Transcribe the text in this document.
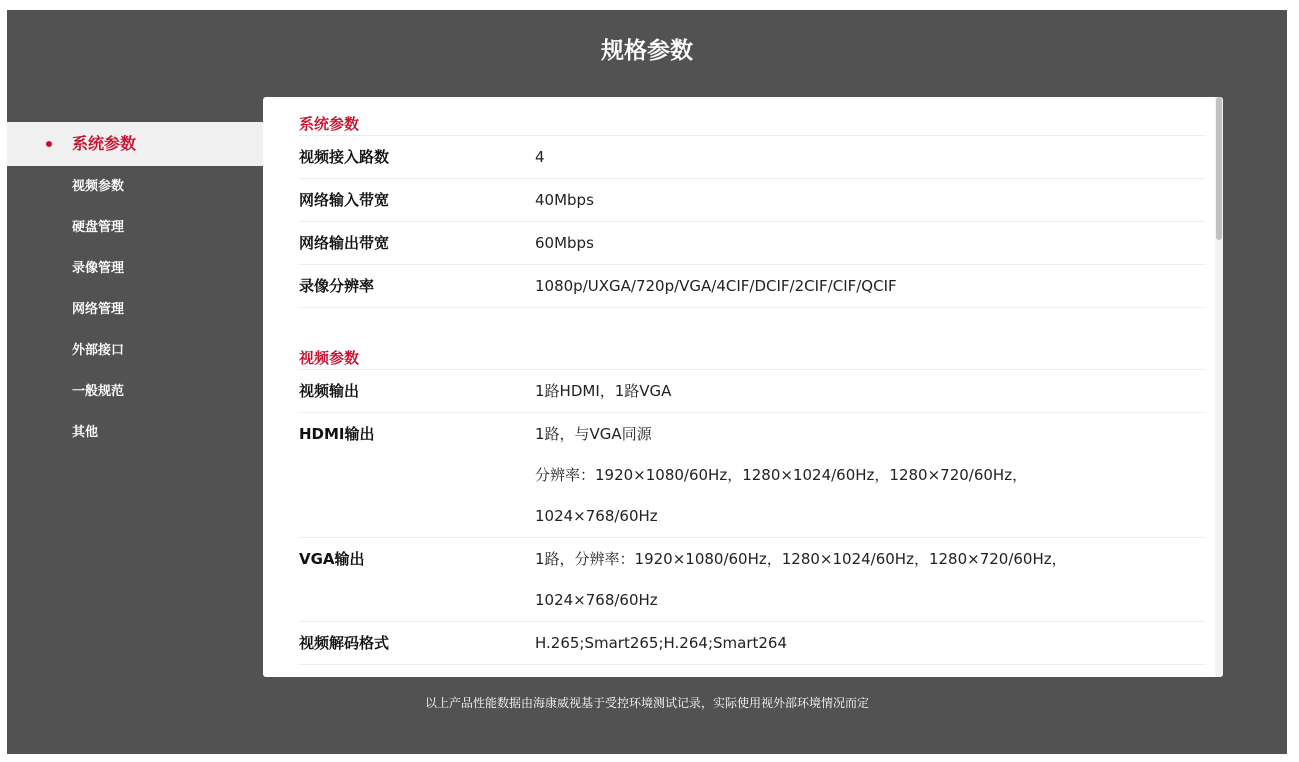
规格参数
系统参数
视频参数
硬盘管理
录像管理
网络管理
外部接口
一般规范
其他
系统参数
视频接入路数	4
网络输入带宽	40Mbps
网络输出带宽	60Mbps
录像分辨率	1080p/UXGA/720p/VGA/4CIF/DCIF/2CIF/CIF/QCIF
视频参数
视频输出	1路HDMI，1路VGA
HDMI输出	1路，与VGA同源
分辨率：1920×1080/60Hz，1280×1024/60Hz，1280×720/60Hz，
1024×768/60Hz
VGA输出	1路，分辨率：1920×1080/60Hz，1280×1024/60Hz，1280×720/60Hz，
1024×768/60Hz
视频解码格式	H.265;Smart265;H.264;Smart264
以上产品性能数据由海康威视基于受控环境测试记录，实际使用视外部环境情况而定
